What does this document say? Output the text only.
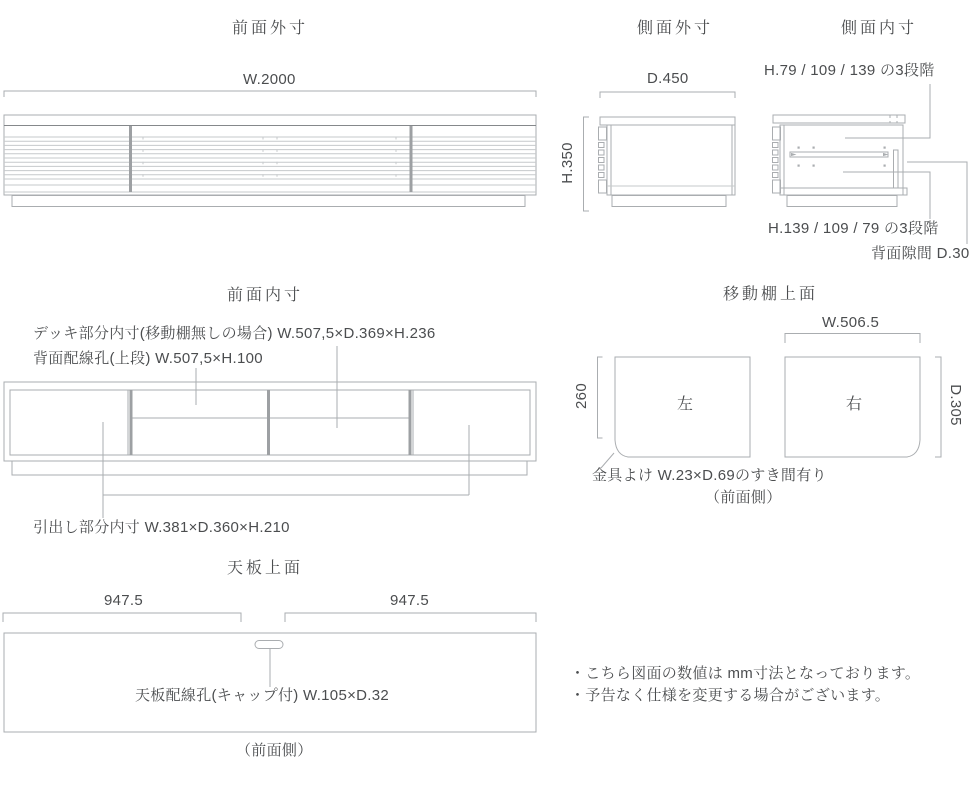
前面外寸
W.2000
側面外寸
D.450
H.350
側面内寸
H.79 / 109 / 139 の3段階
H.139 / 109 / 79 の3段階
背面隙間 D.30
前面内寸
デッキ部分内寸(移動棚無しの場合) W.507,5×D.369×H.236
背面配線孔(上段) W.507,5×H.100
引出し部分内寸 W.381×D.360×H.210
移動棚上面
W.506.5
260	左	右	D.305
金具よけ W.23×D.69のすき間有り
（前面側）
天板上面
947.5	947.5
天板配線孔(キャップ付) W.105×D.32
（前面側）
・こちら図面の数値は mm寸法となっております。
・予告なく仕様を変更する場合がございます。
